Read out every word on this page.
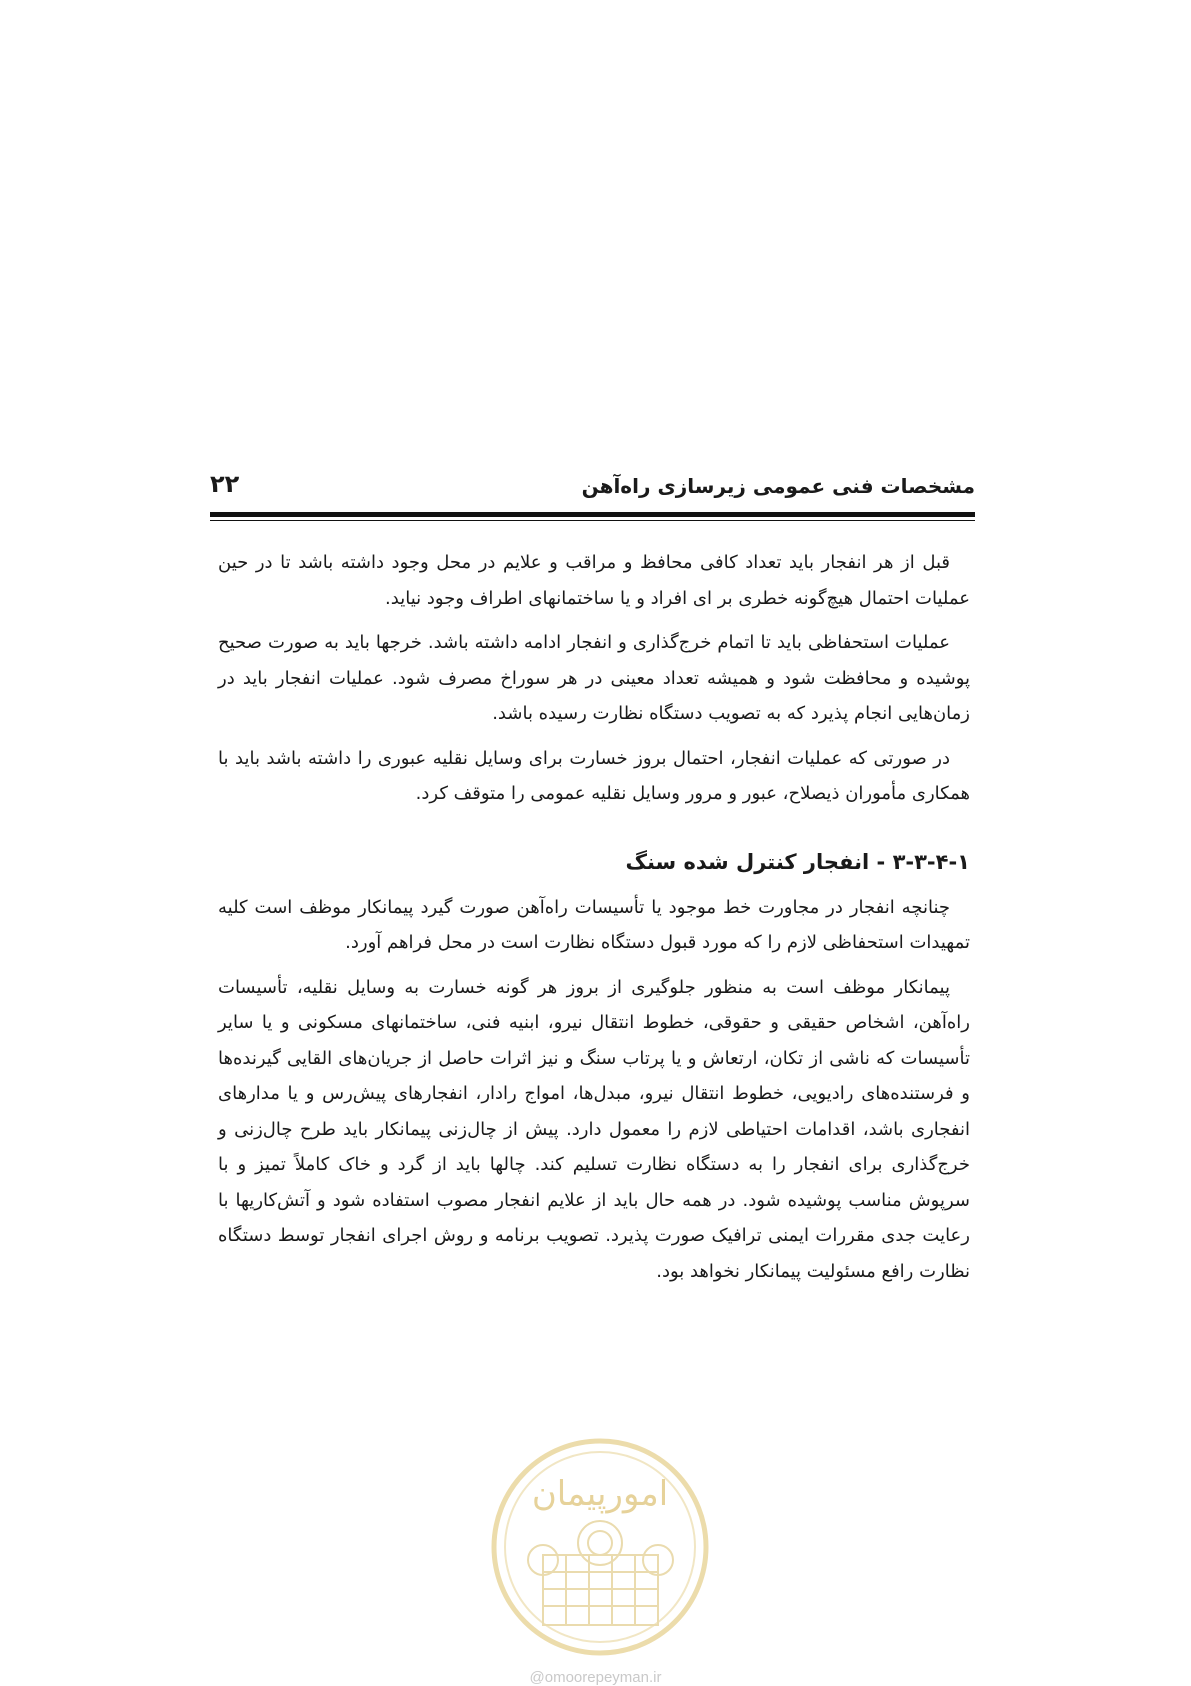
۲۲	مشخصات فنی عمومی زیرسازی راه‌آهن

قبل از هر انفجار باید تعداد کافی محافظ و مراقب و علایم در محل وجود داشته باشد تا در حین عملیات احتمال هیچ‌گونه خطری بر ای افراد و یا ساختمانهای اطراف وجود نیاید.

عملیات استحفاظی باید تا اتمام خرج‌گذاری و انفجار ادامه داشته باشد. خرجها باید به صورت صحیح پوشیده و محافظت شود و همیشه تعداد معینی در هر سوراخ مصرف شود. عملیات انفجار باید در زمان‌هایی انجام پذیرد که به تصویب دستگاه نظارت رسیده باشد.

در صورتی که عملیات انفجار، احتمال بروز خسارت برای وسایل نقلیه عبوری را داشته باشد باید با همکاری مأموران ذیصلاح، عبور و مرور وسایل نقلیه عمومی را متوقف کرد.

۳-۳-۴-۱ - انفجار کنترل شده سنگ

چنانچه انفجار در مجاورت خط موجود یا تأسیسات راه‌آهن صورت گیرد پیمانکار موظف است کلیه تمهیدات استحفاظی لازم را که مورد قبول دستگاه نظارت است در محل فراهم آورد.

پیمانکار موظف است به منظور جلوگیری از بروز هر گونه خسارت به وسایل نقلیه، تأسیسات راه‌آهن، اشخاص حقیقی و حقوقی، خطوط انتقال نیرو، ابنیه فنی، ساختمانهای مسکونی و یا سایر تأسیسات که ناشی از تکان، ارتعاش و یا پرتاب سنگ و نیز اثرات حاصل از جریان‌های القایی گیرنده‌ها و فرستنده‌های رادیویی، خطوط انتقال نیرو، مبدل‌ها، امواج رادار، انفجارهای پیش‌رس و یا مدارهای انفجاری باشد، اقدامات احتیاطی لازم را معمول دارد. پیش از چال‌زنی پیمانکار باید طرح چال‌زنی و خرج‌گذاری برای انفجار را به دستگاه نظارت تسلیم کند. چالها باید از گرد و خاک کاملاً تمیز و با سرپوش مناسب پوشیده شود. در همه حال باید از علایم انفجار مصوب استفاده شود و آتش‌کاریها با رعایت جدی مقررات ایمنی ترافیک صورت پذیرد. تصویب برنامه و روش اجرای انفجار توسط دستگاه نظارت رافع مسئولیت پیمانکار نخواهد بود.

امورپیمان
@omoorepeyman.ir
